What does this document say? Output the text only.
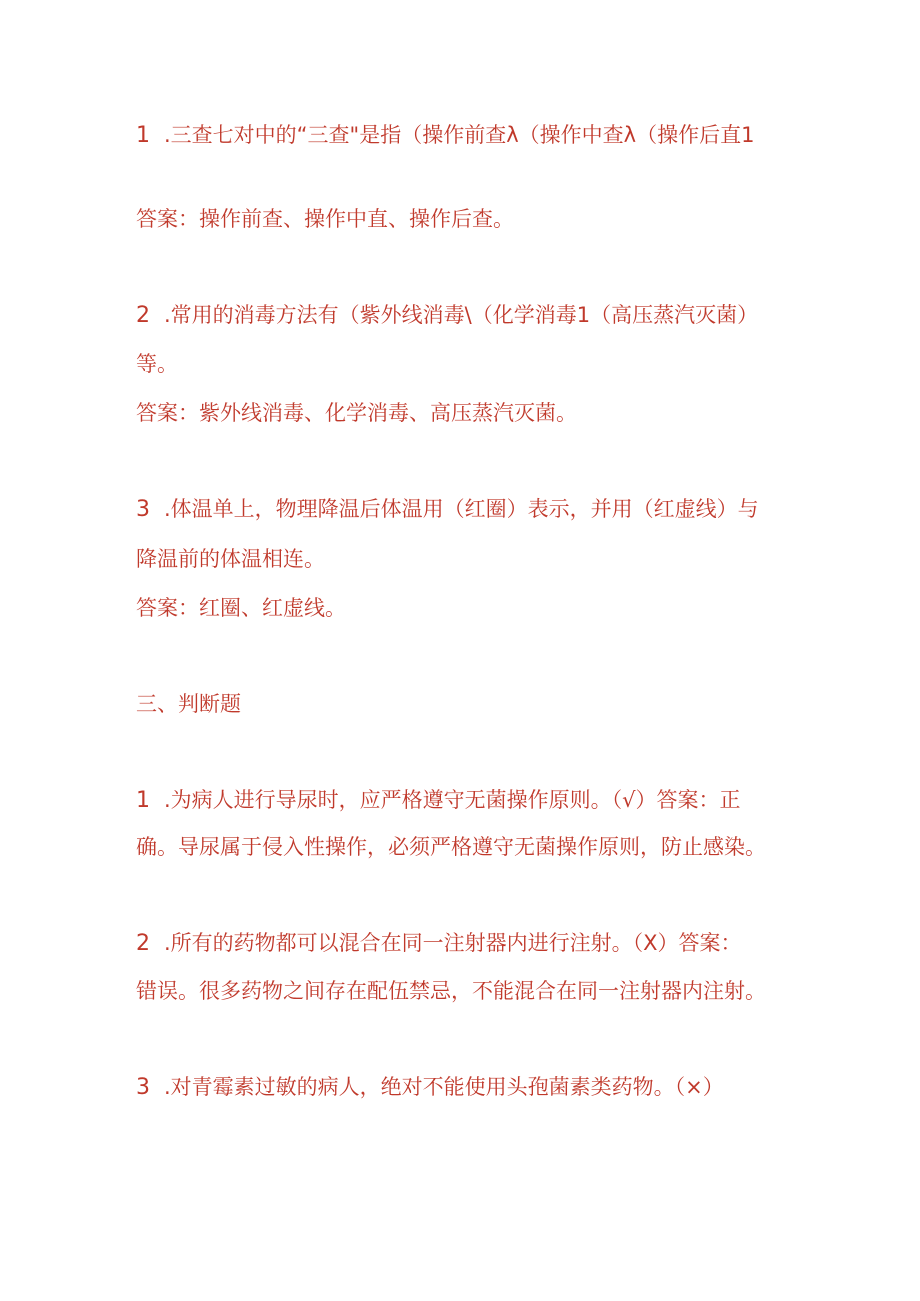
1 .三查七对中的“三查"是指（操作前查λ（操作中查λ（操作后直1
答案：操作前查、操作中直、操作后查。
2 .常用的消毒方法有（紫外线消毒\（化学消毒1（高压蒸汽灭菌）
等。
答案：紫外线消毒、化学消毒、高压蒸汽灭菌。
3 .体温单上，物理降温后体温用（红圈）表示，并用（红虚线）与
降温前的体温相连。
答案：红圈、红虚线。
三、判断题
1 .为病人进行导尿时，应严格遵守无菌操作原则。（√）答案：正
确。导尿属于侵入性操作，必须严格遵守无菌操作原则，防止感染。
2 .所有的药物都可以混合在同一注射器内进行注射。（X）答案：
错误。很多药物之间存在配伍禁忌，不能混合在同一注射器内注射。
3 .对青霉素过敏的病人，绝对不能使用头孢菌素类药物。（×）
